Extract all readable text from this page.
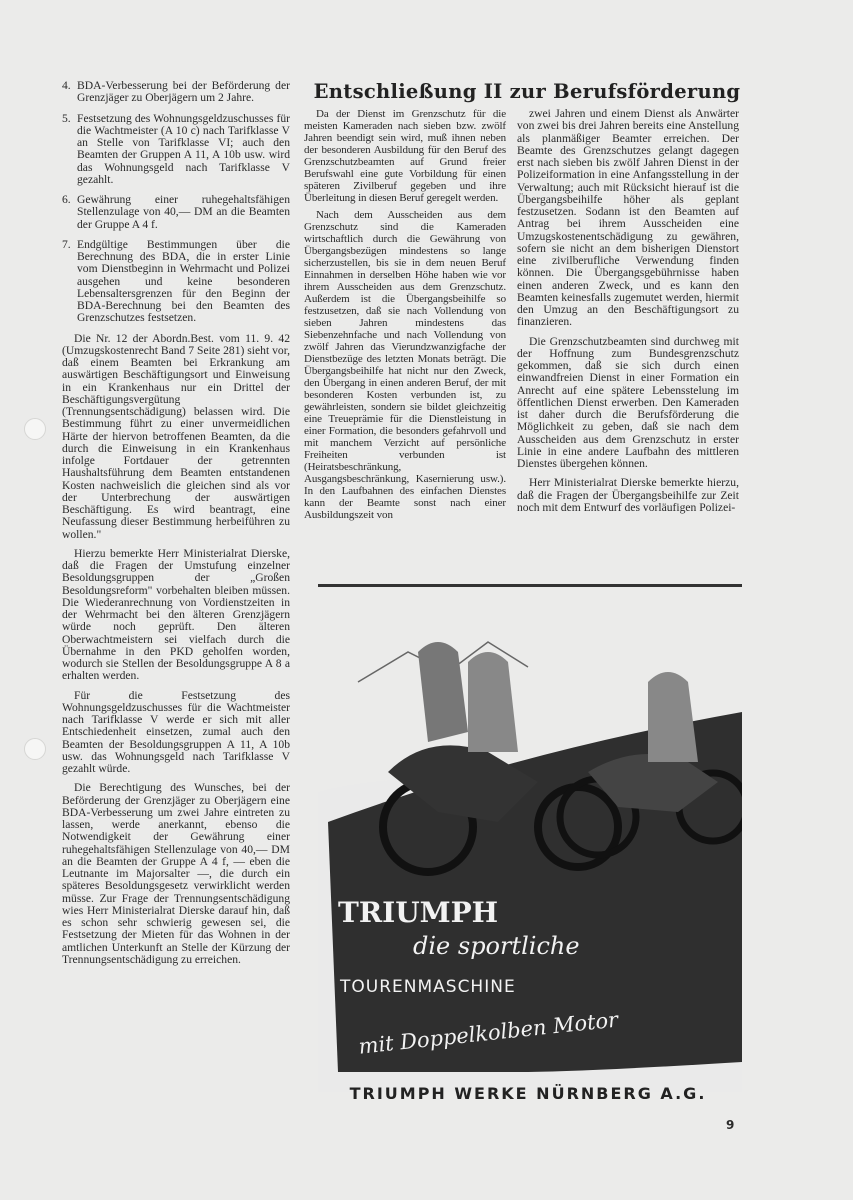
4. BDA-Verbesserung bei der Beförderung der Grenzjäger zu Oberjägern um 2 Jahre.
5. Festsetzung des Wohnungsgeldzuschusses für die Wachtmeister (A 10 c) nach Tarifklasse V an Stelle von Tarifklasse VI; auch den Beamten der Gruppen A 11, A 10b usw. wird das Wohnungsgeld nach Tarifklasse V gezahlt.
6. Gewährung einer ruhegehaltsfähigen Stellenzulage von 40,— DM an die Beamten der Gruppe A 4 f.
7. Endgültige Bestimmungen über die Berechnung des BDA, die in erster Linie vom Dienstbeginn in Wehrmacht und Polizei ausgehen und keine besonderen Lebensaltersgrenzen für den Beginn der BDA-Berechnung bei den Beamten des Grenzschutzes festsetzen.

Die Nr. 12 der Abordn.Best. vom 11. 9. 42 (Umzugskostenrecht Band 7 Seite 281) sieht vor, daß einem Beamten bei Erkrankung am auswärtigen Beschäftigungsort und Einweisung in ein Krankenhaus nur ein Drittel der Beschäftigungsvergütung (Trennungsentschädigung) belassen wird. Die Bestimmung führt zu einer unvermeidlichen Härte der hiervon betroffenen Beamten, da die durch die Einweisung in ein Krankenhaus infolge Fortdauer der getrennten Haushaltsführung dem Beamten entstandenen Kosten nachweislich die gleichen sind als vor der Unterbrechung der auswärtigen Beschäftigung. Es wird beantragt, eine Neufassung dieser Bestimmung herbeiführen zu wollen."

Hierzu bemerkte Herr Ministerialrat Dierske, daß die Fragen der Umstufung einzelner Besoldungsgruppen der „Großen Besoldungsreform" vorbehalten bleiben müssen. Die Wiederanrechnung von Vordienstzeiten in der Wehrmacht bei den älteren Grenzjägern würde noch geprüft. Den älteren Oberwachtmeistern sei vielfach durch die Übernahme in den PKD geholfen worden, wodurch sie Stellen der Besoldungsgruppe A 8 a erhalten werden.

Für die Festsetzung des Wohnungsgeldzuschusses für die Wachtmeister nach Tarifklasse V werde er sich mit aller Entschiedenheit einsetzen, zumal auch den Beamten der Besoldungsgruppen A 11, A 10b usw. das Wohnungsgeld nach Tarifklasse V gezahlt würde.

Die Berechtigung des Wunsches, bei der Beförderung der Grenzjäger zu Oberjägern eine BDA-Verbesserung um zwei Jahre eintreten zu lassen, werde anerkannt, ebenso die Notwendigkeit der Gewährung einer ruhegehaltsfähigen Stellenzulage von 40,— DM an die Beamten der Gruppe A 4 f, — eben die Leutnante im Majorsalter —, die durch ein späteres Besoldungsgesetz verwirklicht werden müsse. Zur Frage der Trennungsentschädigung wies Herr Ministerialrat Dierske darauf hin, daß es schon sehr schwierig gewesen sei, die Festsetzung der Mieten für das Wohnen in der amtlichen Unterkunft an Stelle der Kürzung der Trennungsentschädigung zu erreichen.

Entschließung II zur Berufsförderung

Da der Dienst im Grenzschutz für die meisten Kameraden nach sieben bzw. zwölf Jahren beendigt sein wird, muß ihnen neben der besonderen Ausbildung für den Beruf des Grenzschutzbeamten auf Grund freier Berufswahl eine gute Vorbildung für einen späteren Zivilberuf gegeben und ihre Überleitung in diesen Beruf geregelt werden.

Nach dem Ausscheiden aus dem Grenzschutz sind die Kameraden wirtschaftlich durch die Gewährung von Übergangsbezügen mindestens so lange sicherzustellen, bis sie in dem neuen Beruf Einnahmen in derselben Höhe haben wie vor ihrem Ausscheiden aus dem Grenzschutz. Außerdem ist die Übergangsbeihilfe so festzusetzen, daß sie nach Vollendung von sieben Jahren mindestens das Siebenzehnfache und nach Vollendung von zwölf Jahren das Vierundzwanzigfache der Dienstbezüge des letzten Monats beträgt. Die Übergangsbeihilfe hat nicht nur den Zweck, den Übergang in einen anderen Beruf, der mit besonderen Kosten verbunden ist, zu gewährleisten, sondern sie bildet gleichzeitig eine Treueprämie für die Dienstleistung in einer Formation, die besonders gefahrvoll und mit manchem Verzicht auf persönliche Freiheiten verbunden ist (Heiratsbeschränkung, Ausgangsbeschränkung, Kasernierung usw.). In den Laufbahnen des einfachen Dienstes kann der Beamte sonst nach einer Ausbildungszeit von

zwei Jahren und einem Dienst als Anwärter von zwei bis drei Jahren bereits eine Anstellung als planmäßiger Beamter erreichen. Der Beamte des Grenzschutzes gelangt dagegen erst nach sieben bis zwölf Jahren Dienst in der Polizeiformation in eine Anfangsstellung in der Verwaltung; auch mit Rücksicht hierauf ist die Übergangsbeihilfe höher als geplant festzusetzen. Sodann ist den Beamten auf Antrag bei ihrem Ausscheiden eine Umzugskostenentschädigung zu gewähren, sofern sie nicht an dem bisherigen Dienstort eine zivilberufliche Verwendung finden können. Die Übergangsgebührnisse haben einen anderen Zweck, und es kann den Beamten keinesfalls zugemutet werden, hiermit den Umzug an den Beschäftigungsort zu finanzieren.

Die Grenzschutzbeamten sind durchweg mit der Hoffnung zum Bundesgrenzschutz gekommen, daß sie sich durch einen einwandfreien Dienst in einer Formation ein Anrecht auf eine spätere Lebensstelung im öffentlichen Dienst erwerben. Den Kameraden ist daher durch die Berufsförderung die Möglichkeit zu geben, daß sie nach dem Ausscheiden aus dem Grenzschutz in erster Linie in eine andere Laufbahn des mittleren Dienstes übergehen können.

Herr Ministerialrat Dierske bemerkte hierzu, daß die Fragen der Übergangsbeihilfe zur Zeit noch mit dem Entwurf des vorläufigen Polizei-

TRIUMPH
die sportliche
TOURENMASCHINE
mit Doppelkolben Motor
TRIUMPH WERKE NÜRNBERG A.G.
9
